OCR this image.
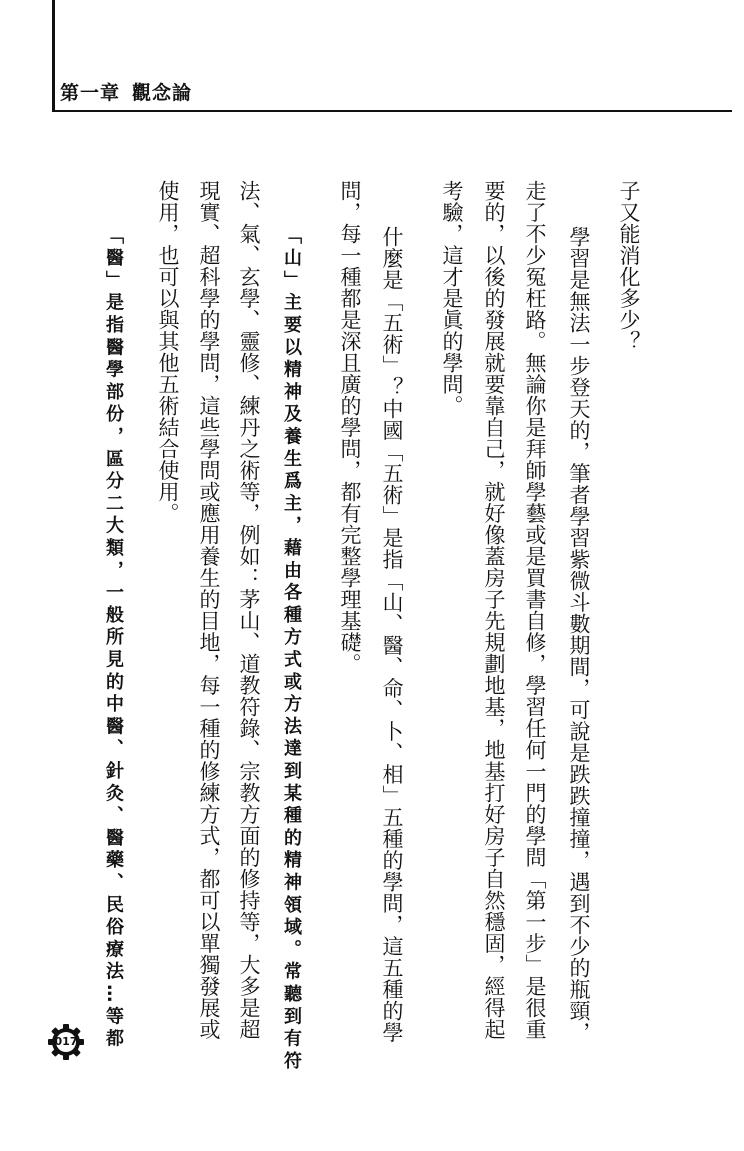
第一章 觀念論
子又能消化多少？
學習是無法一步登天的，筆者學習紫微斗數期間，可說是跌跌撞撞，遇到不少的瓶頸，
走了不少冤枉路。無論你是拜師學藝或是買書自修，學習任何一門的學問「第一步」是很重
要的，以後的發展就要靠自己，就好像蓋房子先規劃地基，地基打好房子自然穩固，經得起
考驗，這才是眞的學問。
什麼是「五術」？中國「五術」是指「山、醫、命、卜、相」五種的學問，這五種的學
問，每一種都是深且廣的學問，都有完整學理基礎。
「山」主要以精神及養生爲主，藉由各種方式或方法達到某種的精神領域。常聽到有符
法、氣、玄學、靈修、練丹之術等，例如：茅山、道教符錄、宗教方面的修持等，大多是超
現實、超科學的學問，這些學問或應用養生的目地，每一種的修練方式，都可以單獨發展或
使用，也可以與其他五術結合使用。
「醫」是指醫學部份，區分二大類，一般所見的中醫、針灸、醫藥、民俗療法…等都
017
